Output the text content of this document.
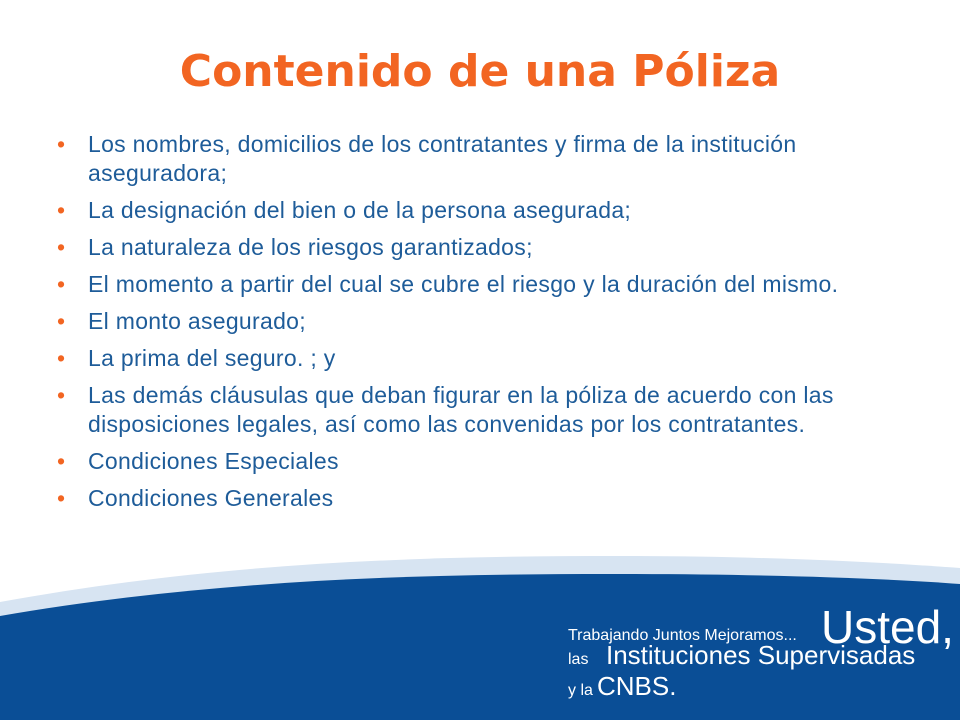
Contenido de una Póliza
• Los nombres, domicilios de los contratantes y firma de la institución aseguradora;
• La designación del bien o de la persona asegurada;
• La naturaleza de los riesgos garantizados;
• El momento a partir del cual se cubre el riesgo y la duración del mismo.
• El monto asegurado;
• La prima del seguro. ; y
• Las demás cláusulas que deban figurar en la póliza de acuerdo con las disposiciones legales, así como las convenidas por los contratantes.
• Condiciones Especiales
• Condiciones Generales
Trabajando Juntos Mejoramos... Usted,
las Instituciones Supervisadas
y la CNBS.
